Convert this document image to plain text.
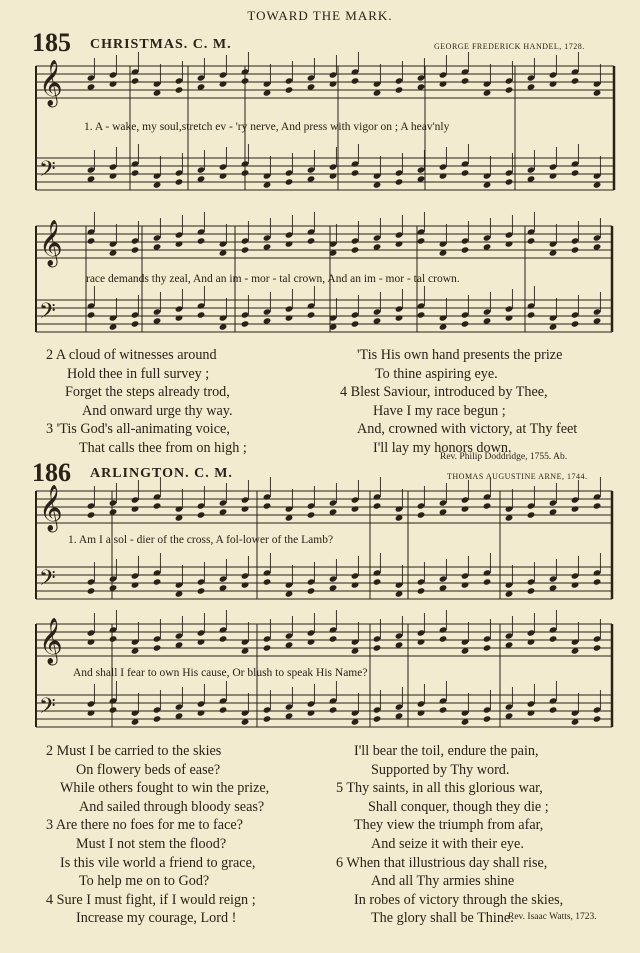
𝄞
𝄢
𝄞
𝄢
𝄞
𝄢
𝄞
𝄢
TOWARD THE MARK.
185 CHRISTMAS. C. M.	GEORGE FREDERICK HANDEL, 1728.
1. A - wake, my soul,stretch ev - 'ry nerve, And press with vigor on ; A heav'nly
race demands thy zeal, And an im - mor - tal crown, And an im - mor - tal crown.
2 A cloud of witnesses around
Hold thee in full survey ;
Forget the steps already trod,
And onward urge thy way.
3 'Tis God's all-animating voice,
That calls thee from on high ;
'Tis His own hand presents the prize
To thine aspiring eye.
4 Blest Saviour, introduced by Thee,
Have I my race begun ;
And, crowned with victory, at Thy feet
I'll lay my honors down.
Rev. Philip Doddridge, 1755. Ab.
186 ARLINGTON. C. M.	THOMAS AUGUSTINE ARNE, 1744.
1. Am I a sol - dier of the cross, A fol-lower of the Lamb?
And shall I fear to own His cause, Or blush to speak His Name?
2 Must I be carried to the skies
On flowery beds of ease?
While others fought to win the prize,
And sailed through bloody seas?
3 Are there no foes for me to face?
Must I not stem the flood?
Is this vile world a friend to grace,
To help me on to God?
4 Sure I must fight, if I would reign ;
Increase my courage, Lord !
I'll bear the toil, endure the pain,
Supported by Thy word.
5 Thy saints, in all this glorious war,
Shall conquer, though they die ;
They view the triumph from afar,
And seize it with their eye.
6 When that illustrious day shall rise,
And all Thy armies shine
In robes of victory through the skies,
The glory shall be Thine.
Rev. Isaac Watts, 1723.
